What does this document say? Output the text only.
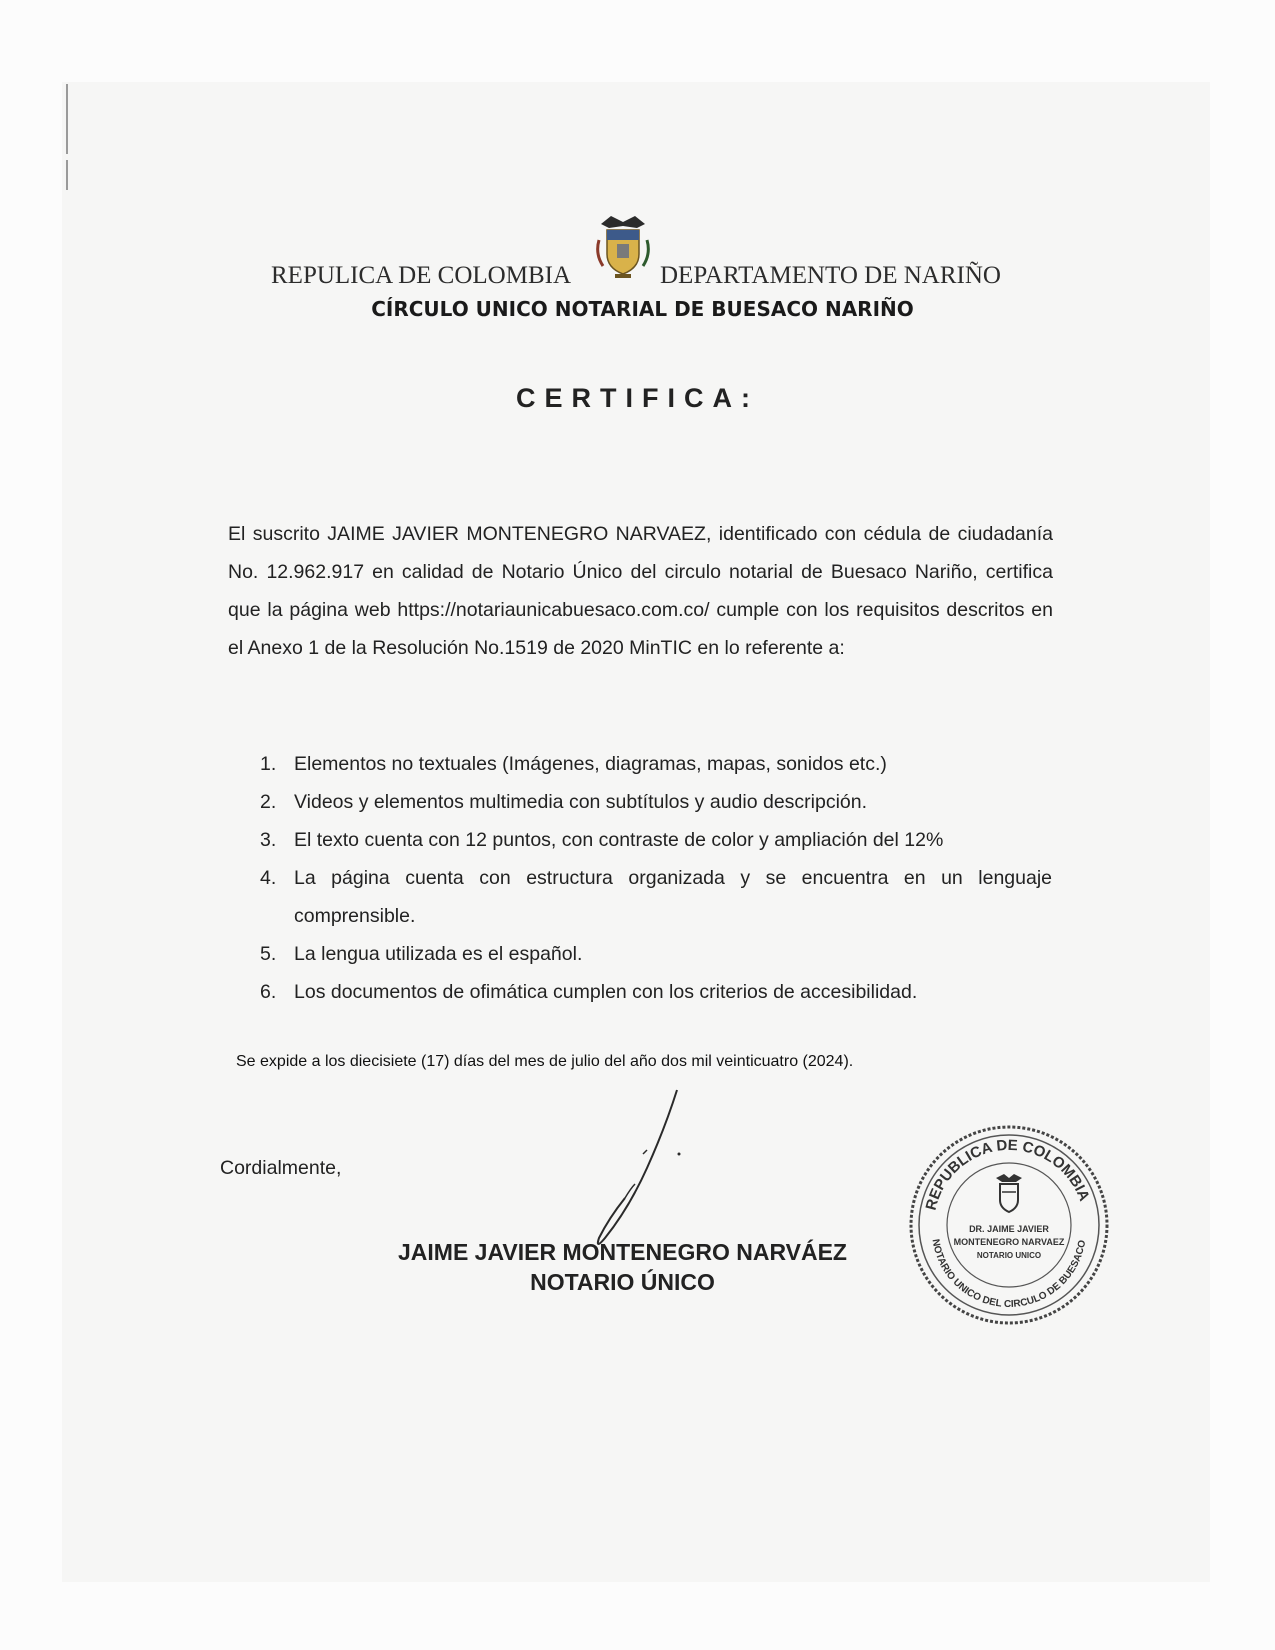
REPULICA DE COLOMBIA	DEPARTAMENTO DE NARIÑO
CÍRCULO UNICO NOTARIAL DE BUESACO NARIÑO
CERTIFICA:

El suscrito JAIME JAVIER MONTENEGRO NARVAEZ, identificado con cédula de ciudadanía No. 12.962.917 en calidad de Notario Único del circulo notarial de Buesaco Nariño, certifica que la página web https://notariaunicabuesaco.com.co/ cumple con los requisitos descritos en el Anexo 1 de la Resolución No.1519 de 2020 MinTIC en lo referente a:

1. Elementos no textuales (Imágenes, diagramas, mapas, sonidos etc.)
2. Videos y elementos multimedia con subtítulos y audio descripción.
3. El texto cuenta con 12 puntos, con contraste de color y ampliación del 12%
4. La página cuenta con estructura organizada y se encuentra en un lenguaje comprensible.
5. La lengua utilizada es el español.
6. Los documentos de ofimática cumplen con los criterios de accesibilidad.
Se expide a los diecisiete (17) días del mes de julio del año dos mil veinticuatro (2024).
Cordialmente,
JAIME JAVIER MONTENEGRO NARVÁEZ
NOTARIO ÚNICO
REPUBLICA DE COLOMBIA
NOTARIO UNICO DEL CIRCULO DE BUESACO
DR. JAIME JAVIER
MONTENEGRO NARVAEZ
NOTARIO UNICO
